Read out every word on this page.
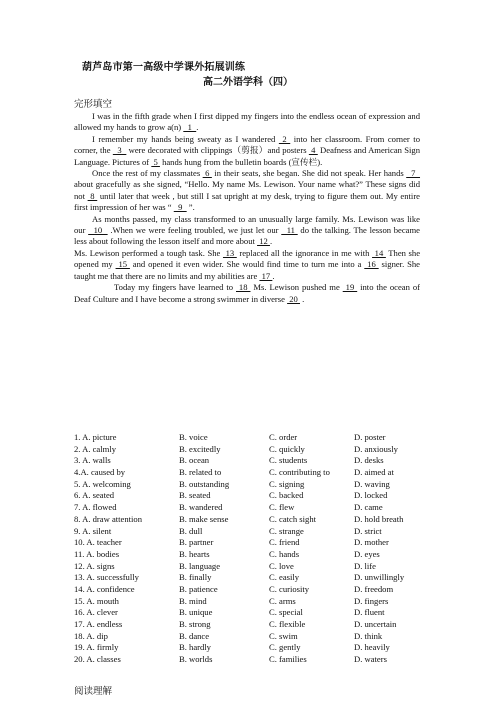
葫芦岛市第一高级中学课外拓展训练
高二外语学科（四）
完形填空

I was in the fifth grade when I first dipped my fingers into the endless ocean of expression and allowed my hands to grow a(n)   1  .

I remember my hands being sweaty as I wandered  2  into her classroom. From corner to corner, the   3   were decorated with clippings（剪报）and posters  4  Deafness and American Sign Language. Pictures of  5  hands hung from the bulletin boards (宣传栏).

Once the rest of my classmates  6  in their seats, she began. She did not speak. Her hands   7   about gracefully as she signed, “Hello. My name Ms. Lewison. Your name what?” These signs did not  8  until later that week , but still I sat upright at my desk, trying to figure them out. My entire first impression of her was “   9   ”.

As months passed, my class transformed to an unusually large family. Ms. Lewison was like our   10   .When we were feeling troubled, we just let our   11  do the talking. The lesson became less about following the lesson itself and more about  12 .

Ms. Lewison performed a tough task. She  13  replaced all the ignorance in me with  14  Then she opened my  15  and opened it even wider. She would find time to turn me into a  16  signer. She taught me that there are no limits and my abilities are  17 .

Today my fingers have learned to  18  Ms. Lewison pushed me  19  into the ocean of Deaf Culture and I have become a strong swimmer in diverse  20  .

1. A. picture	B. voice	C. order	D. poster
2. A. calmly	B. excitedly	C. quickly	D. anxiously
3. A. walls	B. ocean	C. students	D. desks
4.A. caused by	B. related to	C. contributing to	D. aimed at
5. A. welcoming	B. outstanding	C. signing	D. waving
6. A. seated	B. seated	C. backed	D. locked
7. A. flowed	B. wandered	C. flew	D. came
8. A. draw attention	B. make sense	C. catch sight	D. hold breath
9. A. silent	B. dull	C. strange	D. strict
10. A. teacher	B. partner	C. friend	D. mother
11. A. bodies	B. hearts	C. hands	D. eyes
12. A. signs	B. language	C. love	D. life
13. A. successfully	B. finally	C. easily	D. unwillingly
14. A. confidence	B. patience	C. curiosity	D. freedom
15. A. mouth	B. mind	C. arms	D. fingers
16. A. clever	B. unique	C. special	D. fluent
17. A. endless	B. strong	C. flexible	D. uncertain
18. A. dip	B. dance	C. swim	D. think
19. A. firmly	B. hardly	C. gently	D. heavily
20. A. classes	B. worlds	C. families	D. waters
阅读理解
